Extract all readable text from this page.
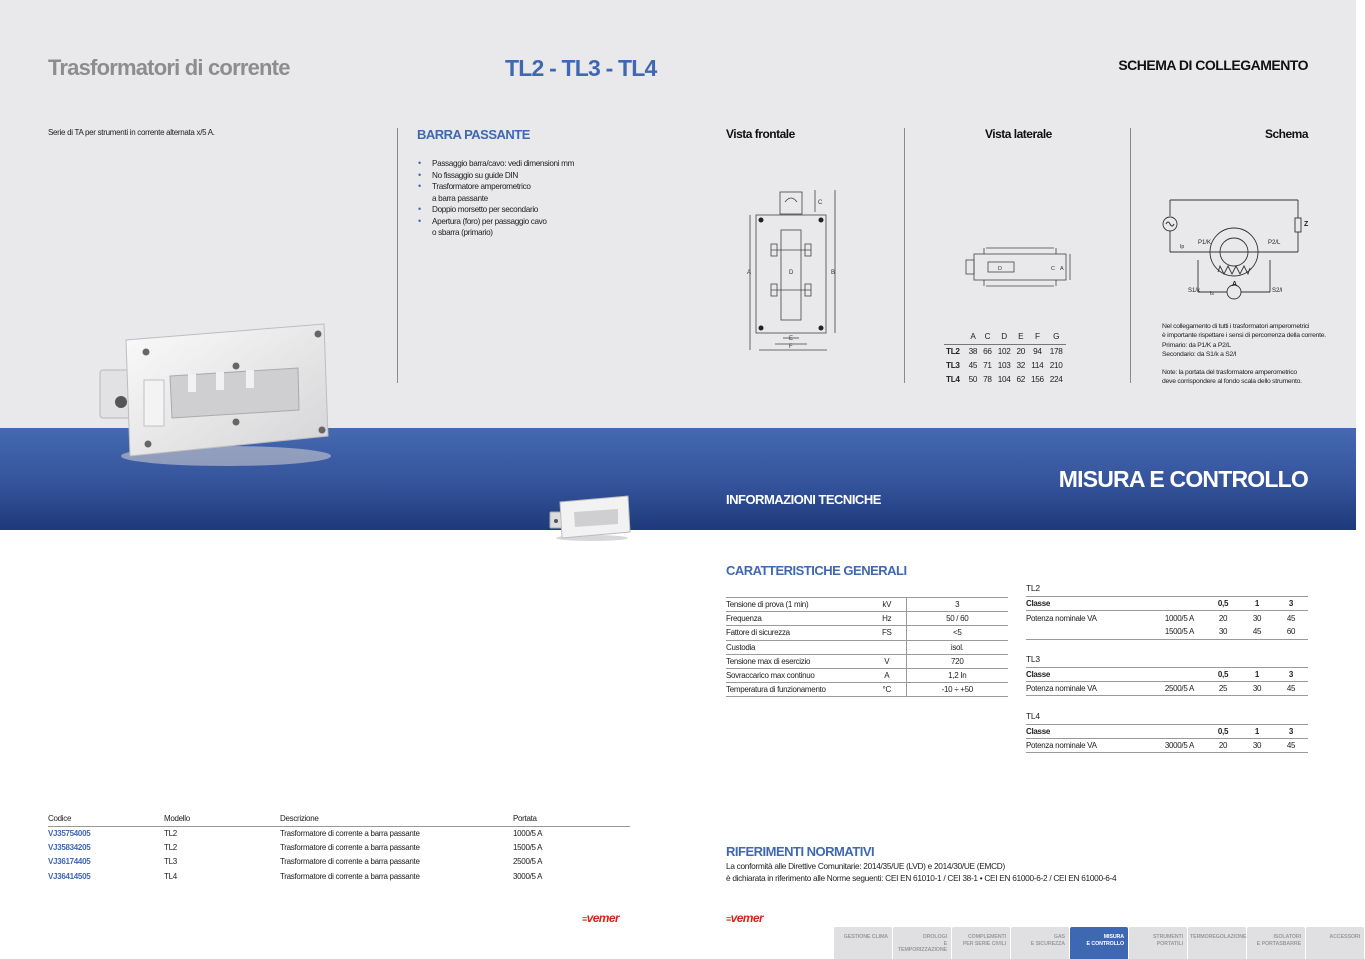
Trasformatori di corrente	TL2 - TL3 - TL4	SCHEMA DI COLLEGAMENTO
Serie di TA per strumenti in corrente alternata x/5 A.	BARRA PASSANTE
• Passaggio barra/cavo: vedi dimensioni mm
• No fissaggio su guide DIN
• Trasformatore amperometrico
a barra passante
• Doppio morsetto per secondario
• Apertura (foro) per passaggio cavo
o sbarra (primario)
Vista frontale	Vista laterale	Schema
A	B
C
D
E
F
C A
D
Z
P1/K	P2/L
S1/k	S2/l
A
Ip
Is
	A	C	D	E	F	G
TL2	38	66	102	20	94	178
TL3	45	71	103	32	114	210
TL4	50	78	104	62	156	224
Nel collegamento di tutti i trasformatori amperometrici
è importante rispettare i sensi di percorrenza della corrente.
Primario: da P1/K a P2/L
Secondario: da S1/k a S2/l
Note: la portata del trasformatore amperometrico
deve corrispondere al fondo scala dello strumento.
MISURA E CONTROLLO
INFORMAZIONI TECNICHE
CARATTERISTICHE GENERALI
Tensione di prova (1 min)	kV	3
Frequenza	Hz	50 / 60
Fattore di sicurezza	FS	<5
Custodia		isol.
Tensione max di esercizio	V	720
Sovraccarico max continuo	A	1,2 In
Temperatura di funzionamento	°C	-10 ÷ +50
TL2
Classe		0,5	1	3
Potenza nominale VA	1000/5 A	20	30	45
	1500/5 A	30	45	60
TL3
Classe		0,5	1	3
Potenza nominale VA	2500/5 A	25	30	45
TL4
Classe		0,5	1	3
Potenza nominale VA	3000/5 A	20	30	45
RIFERIMENTI NORMATIVI
La conformità alle Direttive Comunitarie: 2014/35/UE (LVD) e 2014/30/UE (EMCD)
è dichiarata in riferimento alle Norme seguenti: CEI EN 61010-1 / CEI 38-1 • CEI EN 61000-6-2 / CEI EN 61000-6-4
Codice	Modello	Descrizione	Portata
VJ35754005	TL2	Trasformatore di corrente a barra passante	1000/5 A
VJ35834205	TL2	Trasformatore di corrente a barra passante	1500/5 A
VJ36174405	TL3	Trasformatore di corrente a barra passante	2500/5 A
VJ36414505	TL4	Trasformatore di corrente a barra passante	3000/5 A
≡vemer	≡vemer
GESTIONE CLIMA	OROLOGI
E TEMPORIZZAZIONE
COMPLEMENTI
PER SERIE CIVILI
GAS
E SICUREZZA
MISURA
E CONTROLLO
STRUMENTI
PORTATILI
TERMOREGOLAZIONE	ISOLATORI
E PORTASBARRE
ACCESSORI
